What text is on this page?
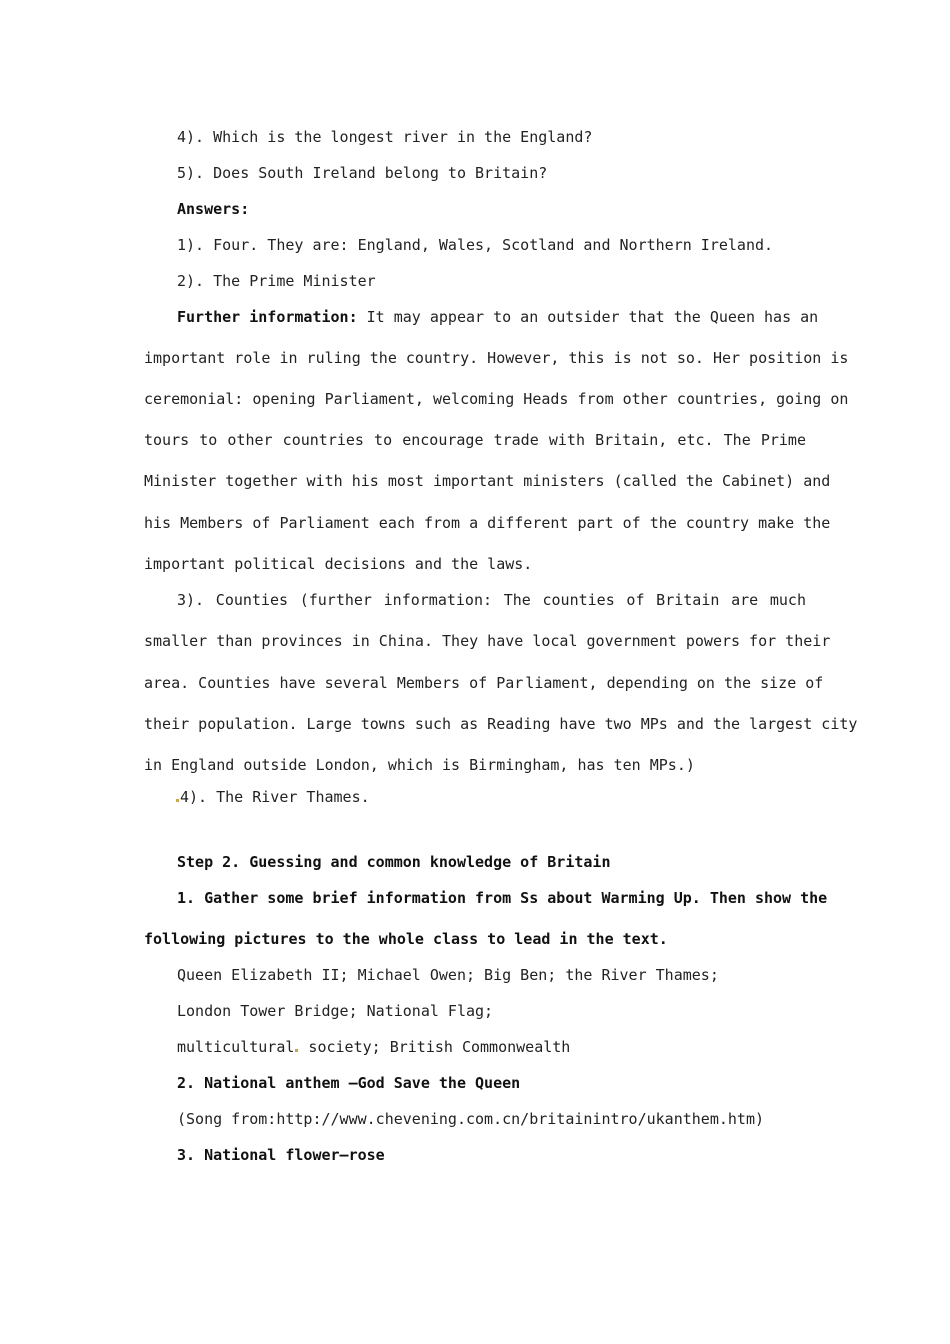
4). Which is the longest river in the England?
5). Does South Ireland belong to Britain?
Answers:
1). Four. They are: England, Wales, Scotland and Northern Ireland.
2). The Prime Minister
Further information: It may appear to an outsider that the Queen has an
important role in ruling the country. However, this is not so. Her position is
ceremonial: opening Parliament, welcoming Heads from other countries, going on
tours to other countries to encourage trade with Britain, etc. The Prime
Minister together with his most important ministers (called the Cabinet) and
his Members of Parliament each from a different part of the country make the
important political decisions and the laws.
3). Counties (further information: The counties of Britain are much
smaller than provinces in China. They have local government powers for their
area. Counties have several Members of Par liament, depending on the size of
their population. Large towns such as Reading have two MPs and the largest city
in England outside London, which is Birmingham, has ten MPs.)
4). The River Thames.
Step 2. Guessing and common knowledge of Britain
1. Gather some brief information from Ss about Warming Up. Then show the
following pictures to the whole class to lead in the text.
Queen Elizabeth II; Michael Owen; Big Ben; the River Thames;
London Tower Bridge; National Flag;
multicultural society; British Commonwealth
2. National anthem —God Save the Queen
(Song from:http://www.chevening.com.cn/britainintro/ukanthem.htm)
3. National flower—rose
